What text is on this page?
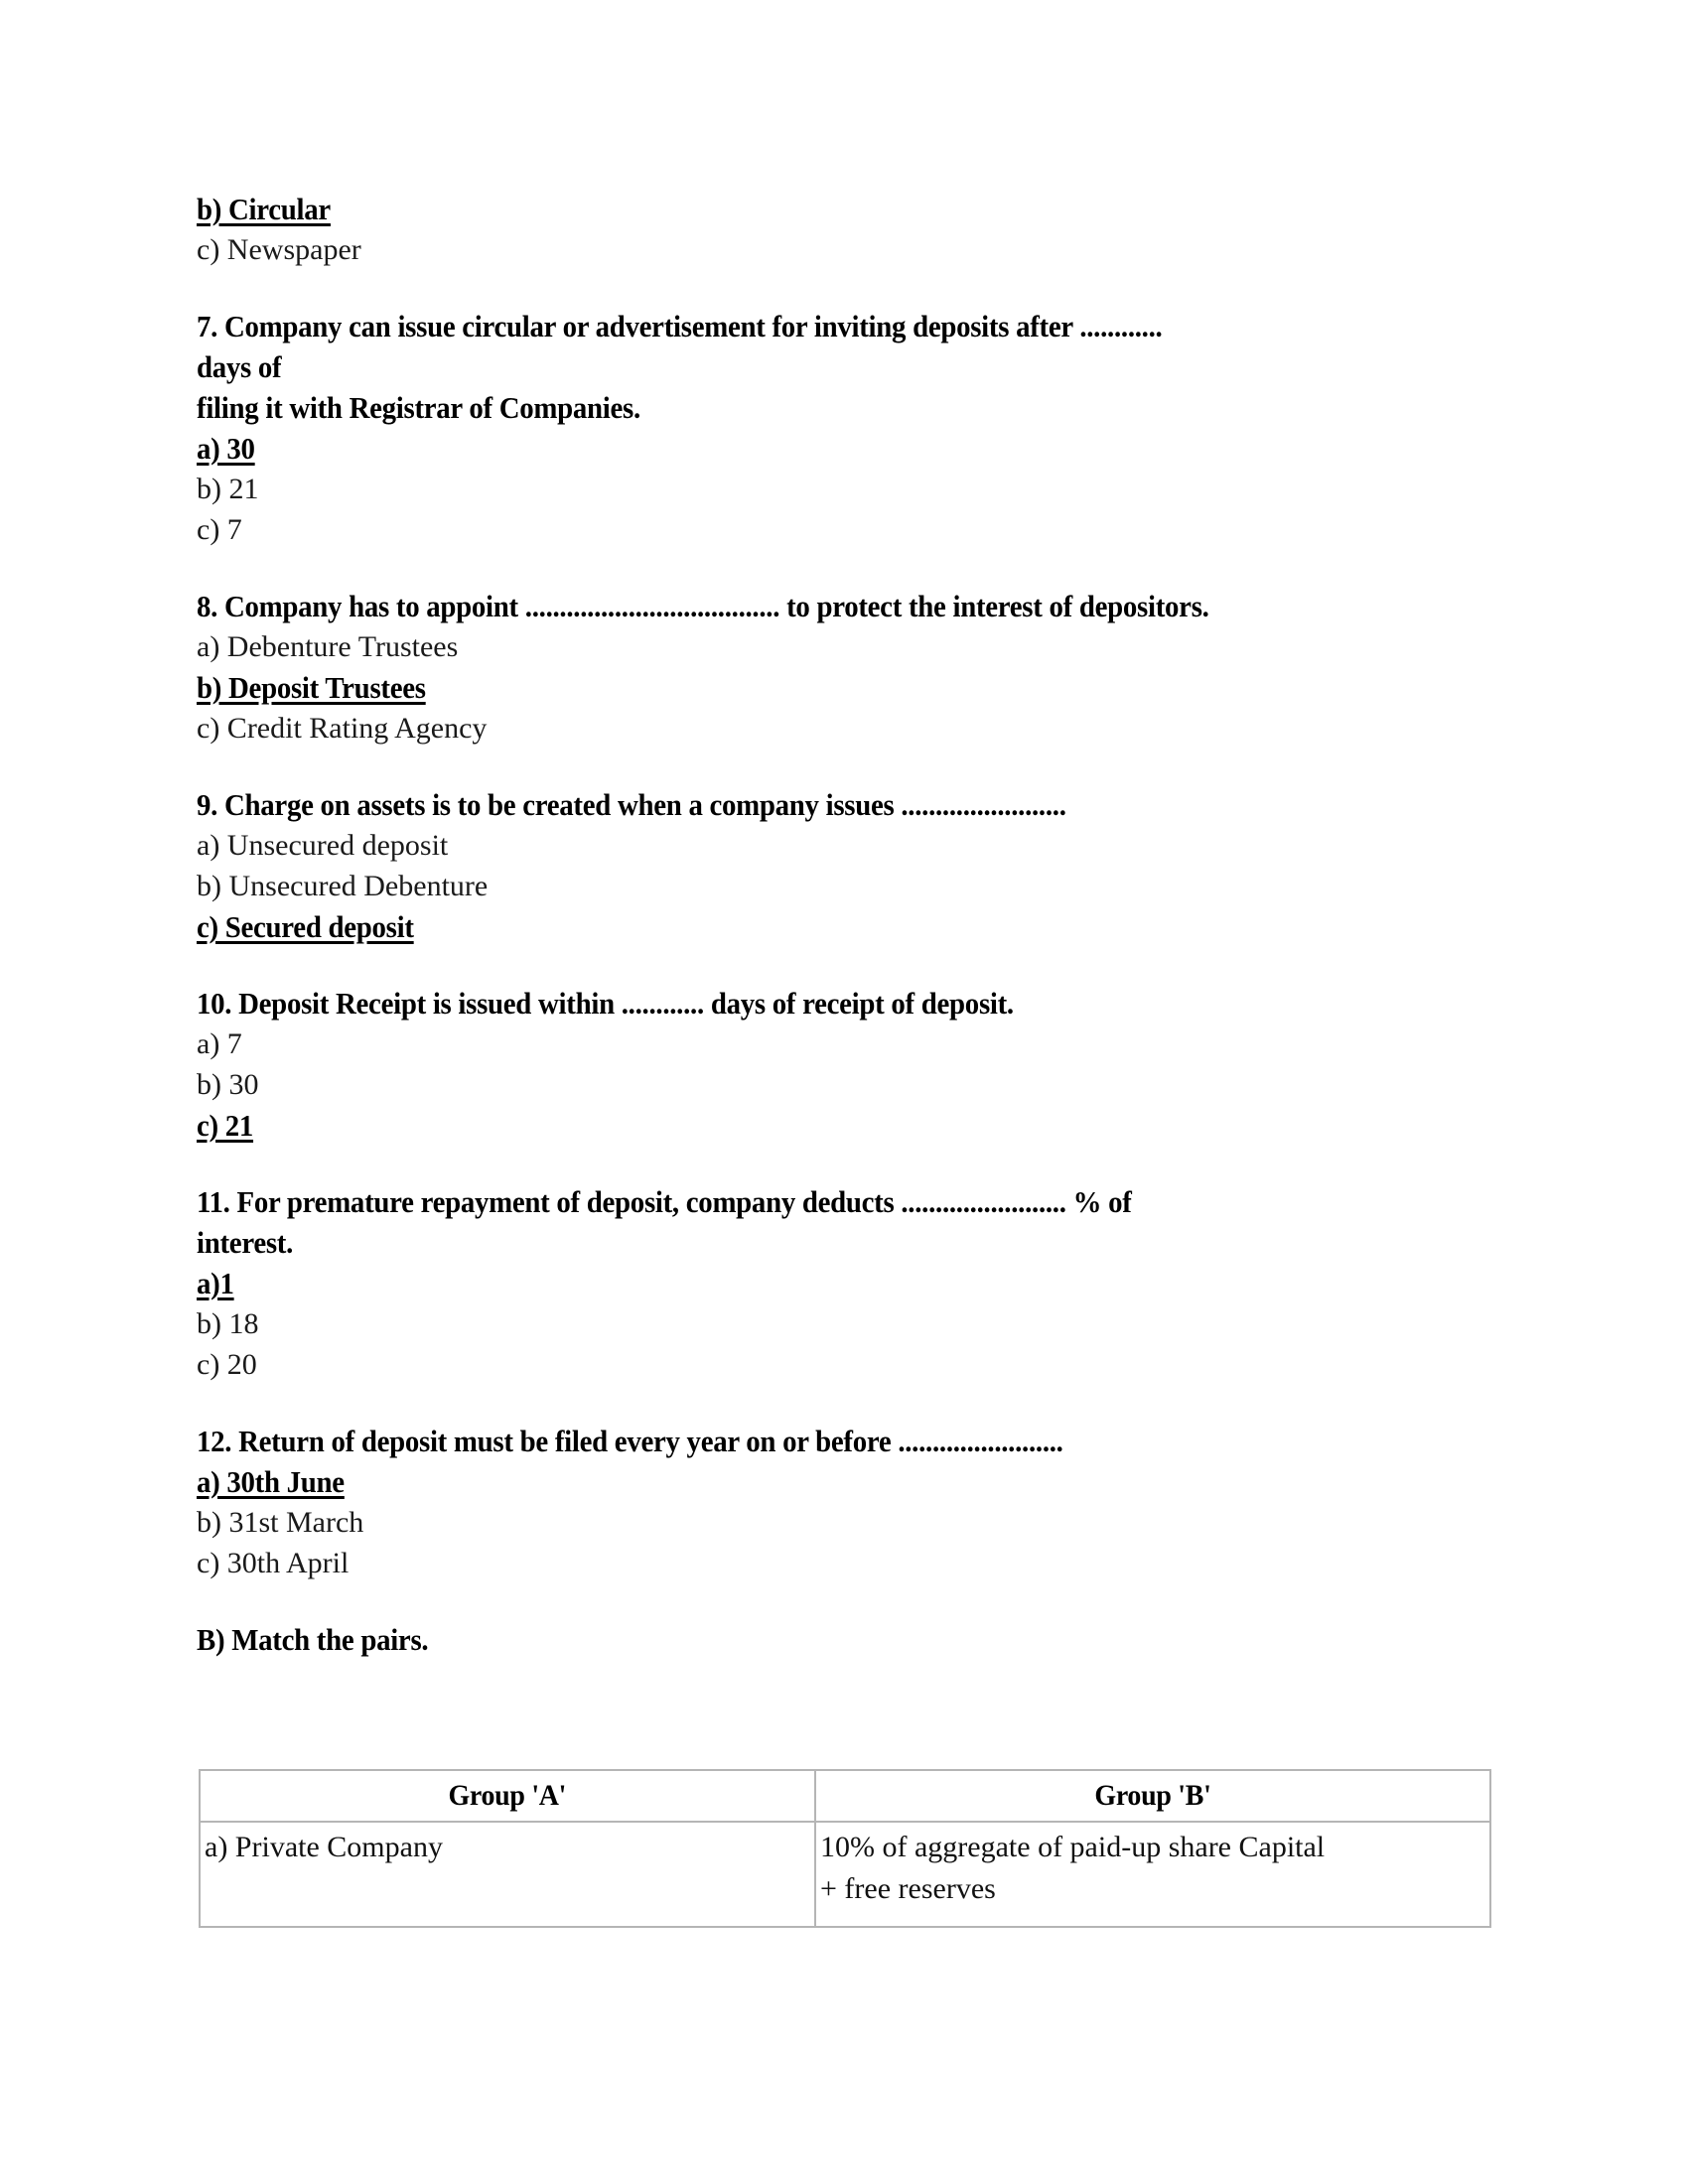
b) Circular

c) Newspaper

7. Company can issue circular or advertisement for inviting deposits after ............

days of

filing it with Registrar of Companies.

a) 30

b) 21

c) 7

8. Company has to appoint ..................................... to protect the interest of depositors.

a) Debenture Trustees

b) Deposit Trustees

c) Credit Rating Agency

9. Charge on assets is to be created when a company issues ........................

a) Unsecured deposit

b) Unsecured Debenture

c) Secured deposit

10. Deposit Receipt is issued within ............ days of receipt of deposit.

a) 7

b) 30

c) 21

11. For premature repayment of deposit, company deducts ........................ % of

interest.

a)1

b) 18

c) 20

12. Return of deposit must be filed every year on or before ........................

a) 30th June

b) 31st March

c) 30th April

B) Match the pairs.

Group 'A'	Group 'B'
a) Private Company	10% of aggregate of paid-up share Capital
+ free reserves
